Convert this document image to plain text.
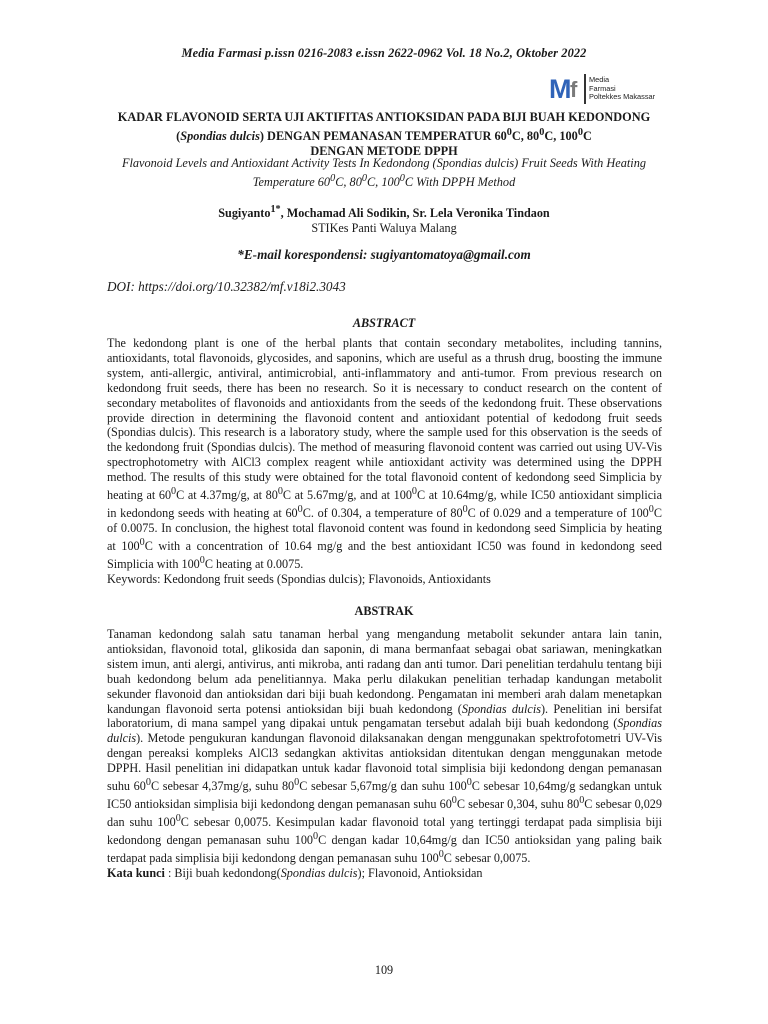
Media Farmasi p.issn 0216-2083 e.issn 2622-0962 Vol. 18 No.2, Oktober 2022
M
f Media
Farmasi
Poltekkes Makassar
KADAR FLAVONOID SERTA UJI AKTIFITAS ANTIOKSIDAN PADA BIJI BUAH KEDONDONG
(Spondias dulcis) DENGAN PEMANASAN TEMPERATUR $60^0C$, $80^0C$, $100^0C$
DENGAN METODE DPPH
Flavonoid Levels and Antioxidant Activity Tests In Kedondong (Spondias dulcis) Fruit Seeds With Heating
Temperature $60^0C$, $80^0C$, $100^0C$ With DPPH Method
Sugiyanto$^{1*}$, Mochamad Ali Sodikin, Sr. Lela Veronika Tindaon
STIKes Panti Waluya Malang
*E-mail korespondensi: sugiyantomatoya@gmail.com
DOI: https://doi.org/10.32382/mf.v18i2.3043
ABSTRACT

The kedondong plant is one of the herbal plants that contain secondary metabolites, including tannins, antioxidants, total flavonoids, glycosides, and saponins, which are useful as a thrush drug, boosting the immune system, anti-allergic, antiviral, antimicrobial, anti-inflammatory and anti-tumor. From previous research on kedondong fruit seeds, there has been no research. So it is necessary to conduct research on the content of secondary metabolites of flavonoids and antioxidants from the seeds of the kedondong fruit. These observations provide direction in determining the flavonoid content and antioxidant potential of kedodong fruit seeds (Spondias dulcis). This research is a laboratory study, where the sample used for this observation is the seeds of the kedondong fruit (Spondias dulcis). The method of measuring flavonoid content was carried out using UV-Vis spectrophotometry with AlCl3 complex reagent while antioxidant activity was determined using the DPPH method. The results of this study were obtained for the total flavonoid content of kedondong seed Simplicia by heating at $60^0C$ at 4.37mg/g, at $80^0C$ at 5.67mg/g, and at $100^0C$ at 10.64mg/g, while IC50 antioxidant simplicia in kedondong seeds with heating at $60^0C$. of 0.304, a temperature of $80^0C$ of 0.029 and a temperature of $100^0C$ of 0.0075. In conclusion, the highest total flavonoid content was found in kedondong seed Simplicia by heating at $100^0C$ with a concentration of 10.64 mg/g and the best antioxidant IC50 was found in kedondong seed Simplicia with $100^0C$ heating at 0.0075.

Keywords: Kedondong fruit seeds (Spondias dulcis); Flavonoids, Antioxidants

ABSTRAK

Tanaman kedondong salah satu tanaman herbal yang mengandung metabolit sekunder antara lain tanin, antioksidan, flavonoid total, glikosida dan saponin, di mana bermanfaat sebagai obat sariawan, meningkatkan sistem imun, anti alergi, antivirus, anti mikroba, anti radang dan anti tumor. Dari penelitian terdahulu tentang biji buah kedondong belum ada penelitiannya. Maka perlu dilakukan penelitian terhadap kandungan metabolit sekunder flavonoid dan antioksidan dari biji buah kedondong. Pengamatan ini memberi arah dalam menetapkan kandungan flavonoid serta potensi antioksidan biji buah kedondong (Spondias dulcis). Penelitian ini bersifat laboratorium, di mana sampel yang dipakai untuk pengamatan tersebut adalah biji buah kedondong (Spondias dulcis). Metode pengukuran kandungan flavonoid dilaksanakan dengan menggunakan spektrofotometri UV-Vis dengan pereaksi kompleks AlCl3 sedangkan aktivitas antioksidan ditentukan dengan menggunakan metode DPPH. Hasil penelitian ini didapatkan untuk kadar flavonoid total simplisia biji kedondong dengan pemanasan suhu $60^0C$ sebesar 4,37mg/g, suhu $80^0C$ sebesar 5,67mg/g dan suhu $100^0C$ sebesar 10,64mg/g sedangkan untuk IC50 antioksidan simplisia biji kedondong dengan pemanasan suhu $60^0C$ sebesar 0,304, suhu $80^0C$ sebesar 0,029 dan suhu $100^0C$ sebesar 0,0075. Kesimpulan kadar flavonoid total yang tertinggi terdapat pada simplisia biji kedondong dengan pemanasan suhu $100^0C$ dengan kadar 10,64mg/g dan IC50 antioksidan yang paling baik terdapat pada simplisia biji kedondong dengan pemanasan suhu $100^0C$ sebesar 0,0075.

Kata kunci : Biji buah kedondong(Spondias dulcis); Flavonoid, Antioksidan

109
